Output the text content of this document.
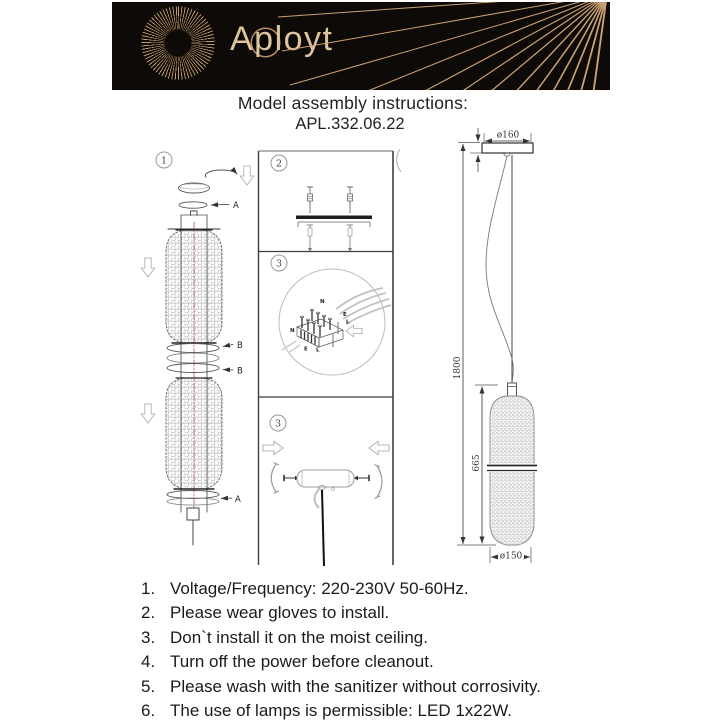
Aployt
Model assembly instructions:
APL.332.06.22
1
A
B
B
A
2
3
N
E
L
N
E L
3
ø160
1800
665
ø150
1. Voltage/Frequency: 220-230V 50-60Hz.
2. Please wear gloves to install.
3. Don`t install it on the moist ceiling.
4. Turn off the power before cleanout.
5. Please wash with the sanitizer without corrosivity.
6. The use of lamps is permissible: LED 1x22W.
